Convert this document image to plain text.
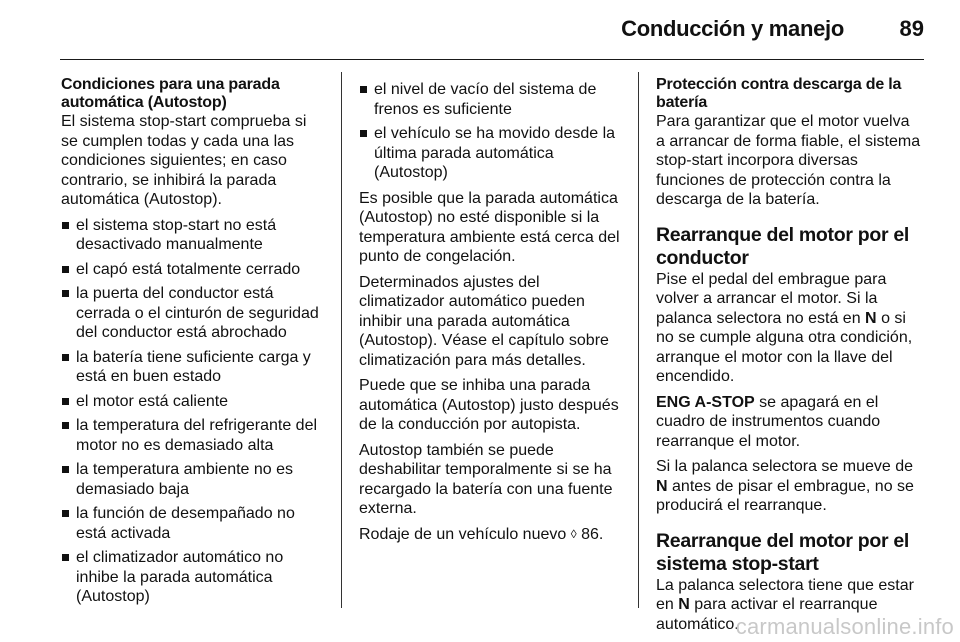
Conducción y manejo	89
Condiciones para una parada automática (Autostop)

El sistema stop-start comprueba si se cumplen todas y cada una las condiciones siguientes; en caso contrario, se inhibirá la parada automática (Autostop).

el sistema stop-start no está desactivado manualmente
el capó está totalmente cerrado
la puerta del conductor está cerrada o el cinturón de seguridad del conductor está abrochado
la batería tiene suficiente carga y está en buen estado
el motor está caliente
la temperatura del refrigerante del motor no es demasiado alta
la temperatura ambiente no es demasiado baja
la función de desempañado no está activada
el climatizador automático no inhibe la parada automática (Autostop)
el nivel de vacío del sistema de frenos es suficiente
el vehículo se ha movido desde la última parada automática (Autostop)

Es posible que la parada automática (Autostop) no esté disponible si la temperatura ambiente está cerca del punto de congelación.

Determinados ajustes del climatizador automático pueden inhibir una parada automática (Autostop). Véase el capítulo sobre climatización para más detalles.

Puede que se inhiba una parada automática (Autostop) justo después de la conducción por autopista.

Autostop también se puede deshabilitar temporalmente si se ha recargado la batería con una fuente externa.

Rodaje de un vehículo nuevo ◊ 86.

Protección contra descarga de la batería

Para garantizar que el motor vuelva a arrancar de forma fiable, el sistema stop-start incorpora diversas funciones de protección contra la descarga de la batería.

Rearranque del motor por el conductor

Pise el pedal del embrague para volver a arrancar el motor. Si la palanca selectora no está en N o si no se cumple alguna otra condición, arranque el motor con la llave del encendido.

ENG A-STOP se apagará en el cuadro de instrumentos cuando rearranque el motor.

Si la palanca selectora se mueve de N antes de pisar el embrague, no se producirá el rearranque.

Rearranque del motor por el sistema stop-start

La palanca selectora tiene que estar en N para activar el rearranque automático.

carmanualsonline.info
